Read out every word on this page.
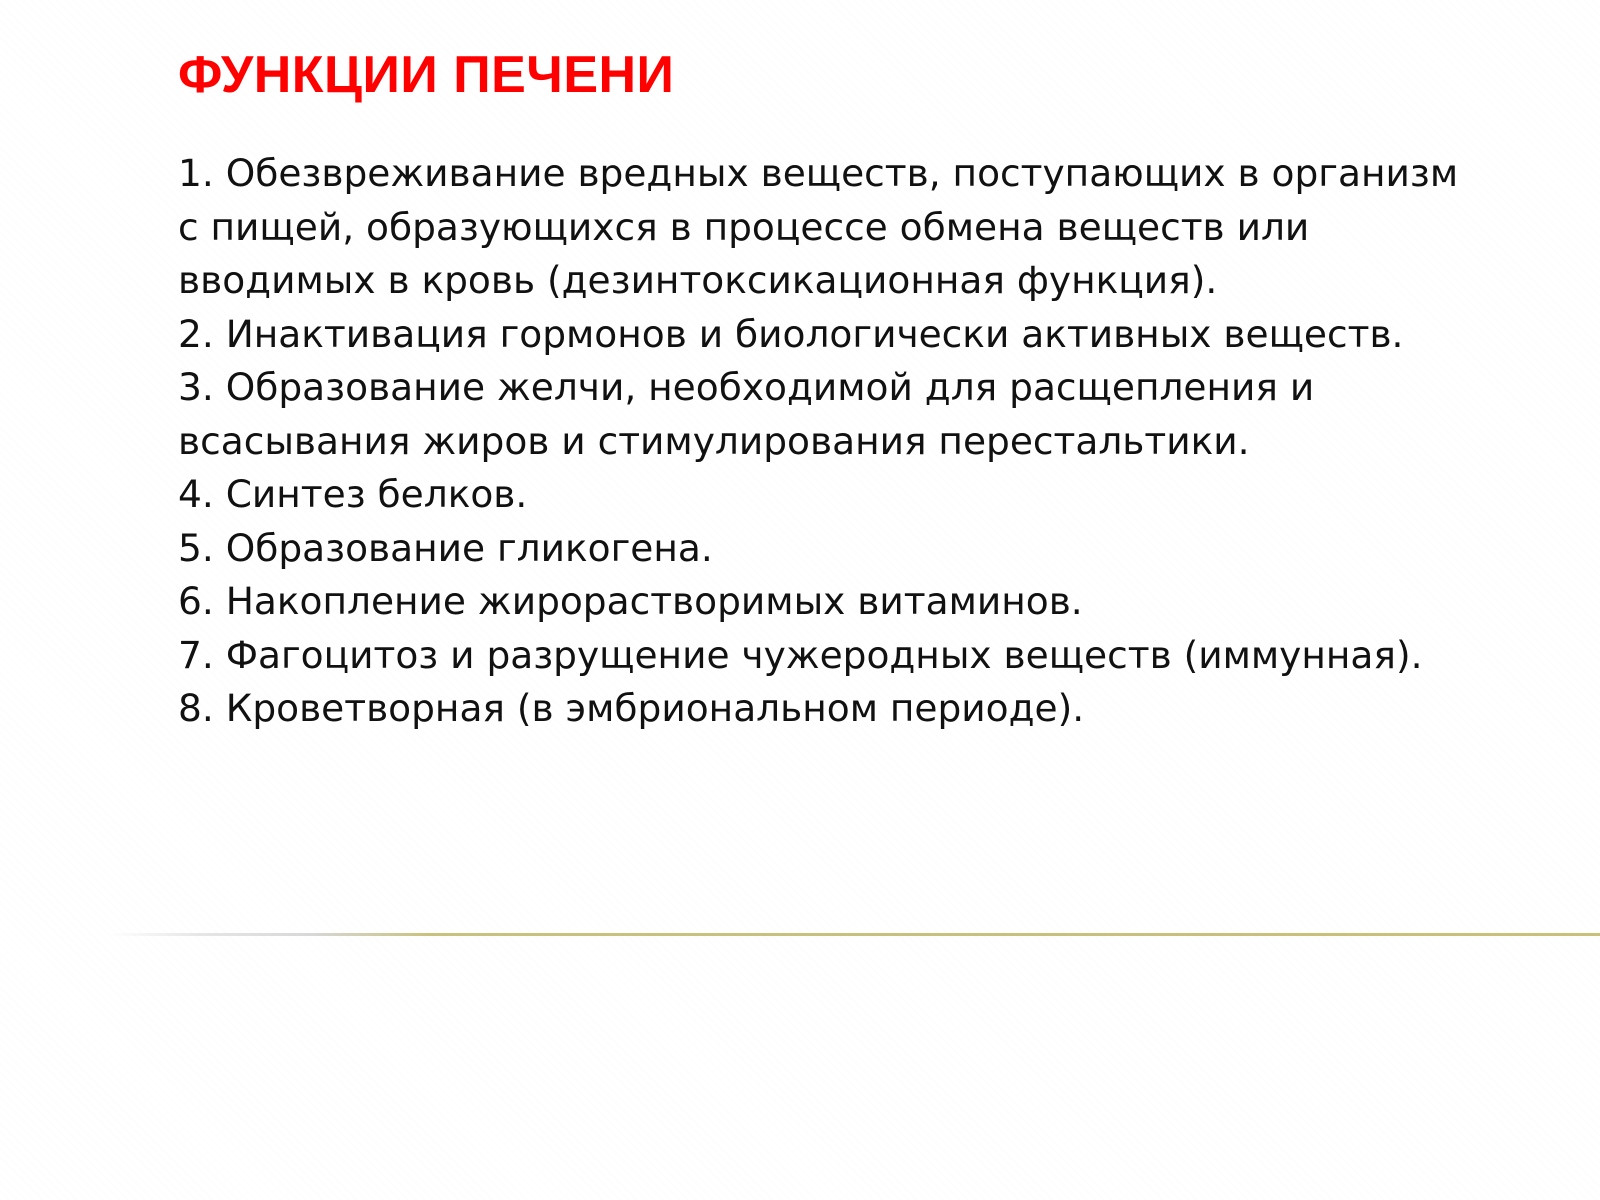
ФУНКЦИИ ПЕЧЕНИ
1. Обезвреживание вредных веществ, поступающих в организм с пищей, образующихся в процессе обмена веществ или вводимых в кровь (дезинтоксикационная функция).
2. Инактивация гормонов и биологически активных веществ.
3. Образование желчи, необходимой для расщепления и всасывания жиров и стимулирования перестальтики.
4. Синтез белков.
5. Образование гликогена.
6. Накопление жирорастворимых витаминов.
7. Фагоцитоз и разрущение чужеродных веществ (иммунная).
8. Кроветворная (в эмбриональном периоде).
